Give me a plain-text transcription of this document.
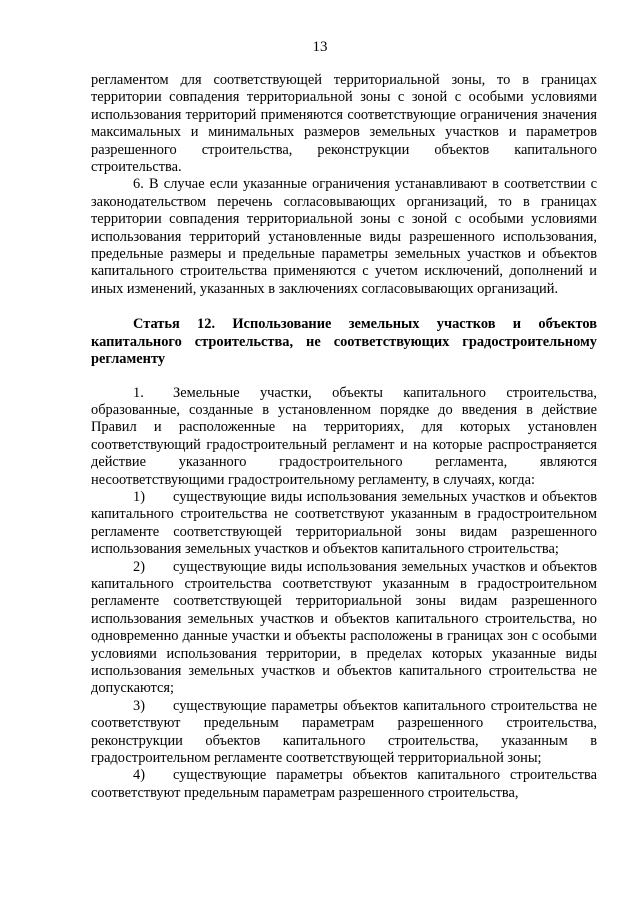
13

регламентом для соответствующей территориальной зоны, то в границах территории совпадения территориальной зоны с зоной с особыми условиями использования территорий применяются соответствующие ограничения значения максимальных и минимальных размеров земельных участков и параметров разрешенного строительства, реконструкции объектов капитального строительства.

6. В случае если указанные ограничения устанавливают в соответствии с законодательством перечень согласовывающих организаций, то в границах территории совпадения территориальной зоны с зоной с особыми условиями использования территорий установленные виды разрешенного использования, предельные размеры и предельные параметры земельных участков и объектов капитального строительства применяются с учетом исключений, дополнений и иных изменений, указанных в заключениях согласовывающих организаций.

Статья 12. Использование земельных участков и объектов капитального строительства, не соответствующих градостроительному регламенту

1. Земельные участки, объекты капитального строительства, образованные, созданные в установленном порядке до введения в действие Правил и расположенные на территориях, для которых установлен соответствующий градостроительный регламент и на которые распространяется действие указанного градостроительного регламента, являются несоответствующими градостроительному регламенту, в случаях, когда:

1) существующие виды использования земельных участков и объектов капитального строительства не соответствуют указанным в градостроительном регламенте соответствующей территориальной зоны видам разрешенного использования земельных участков и объектов капитального строительства;

2) существующие виды использования земельных участков и объектов капитального строительства соответствуют указанным в градостроительном регламенте соответствующей территориальной зоны видам разрешенного использования земельных участков и объектов капитального строительства, но одновременно данные участки и объекты расположены в границах зон с особыми условиями использования территории, в пределах которых указанные виды использования земельных участков и объектов капитального строительства не допускаются;

3) существующие параметры объектов капитального строительства не соответствуют предельным параметрам разрешенного строительства, реконструкции объектов капитального строительства, указанным в градостроительном регламенте соответствующей территориальной зоны;

4) существующие параметры объектов капитального строительства соответствуют предельным параметрам разрешенного строительства,
